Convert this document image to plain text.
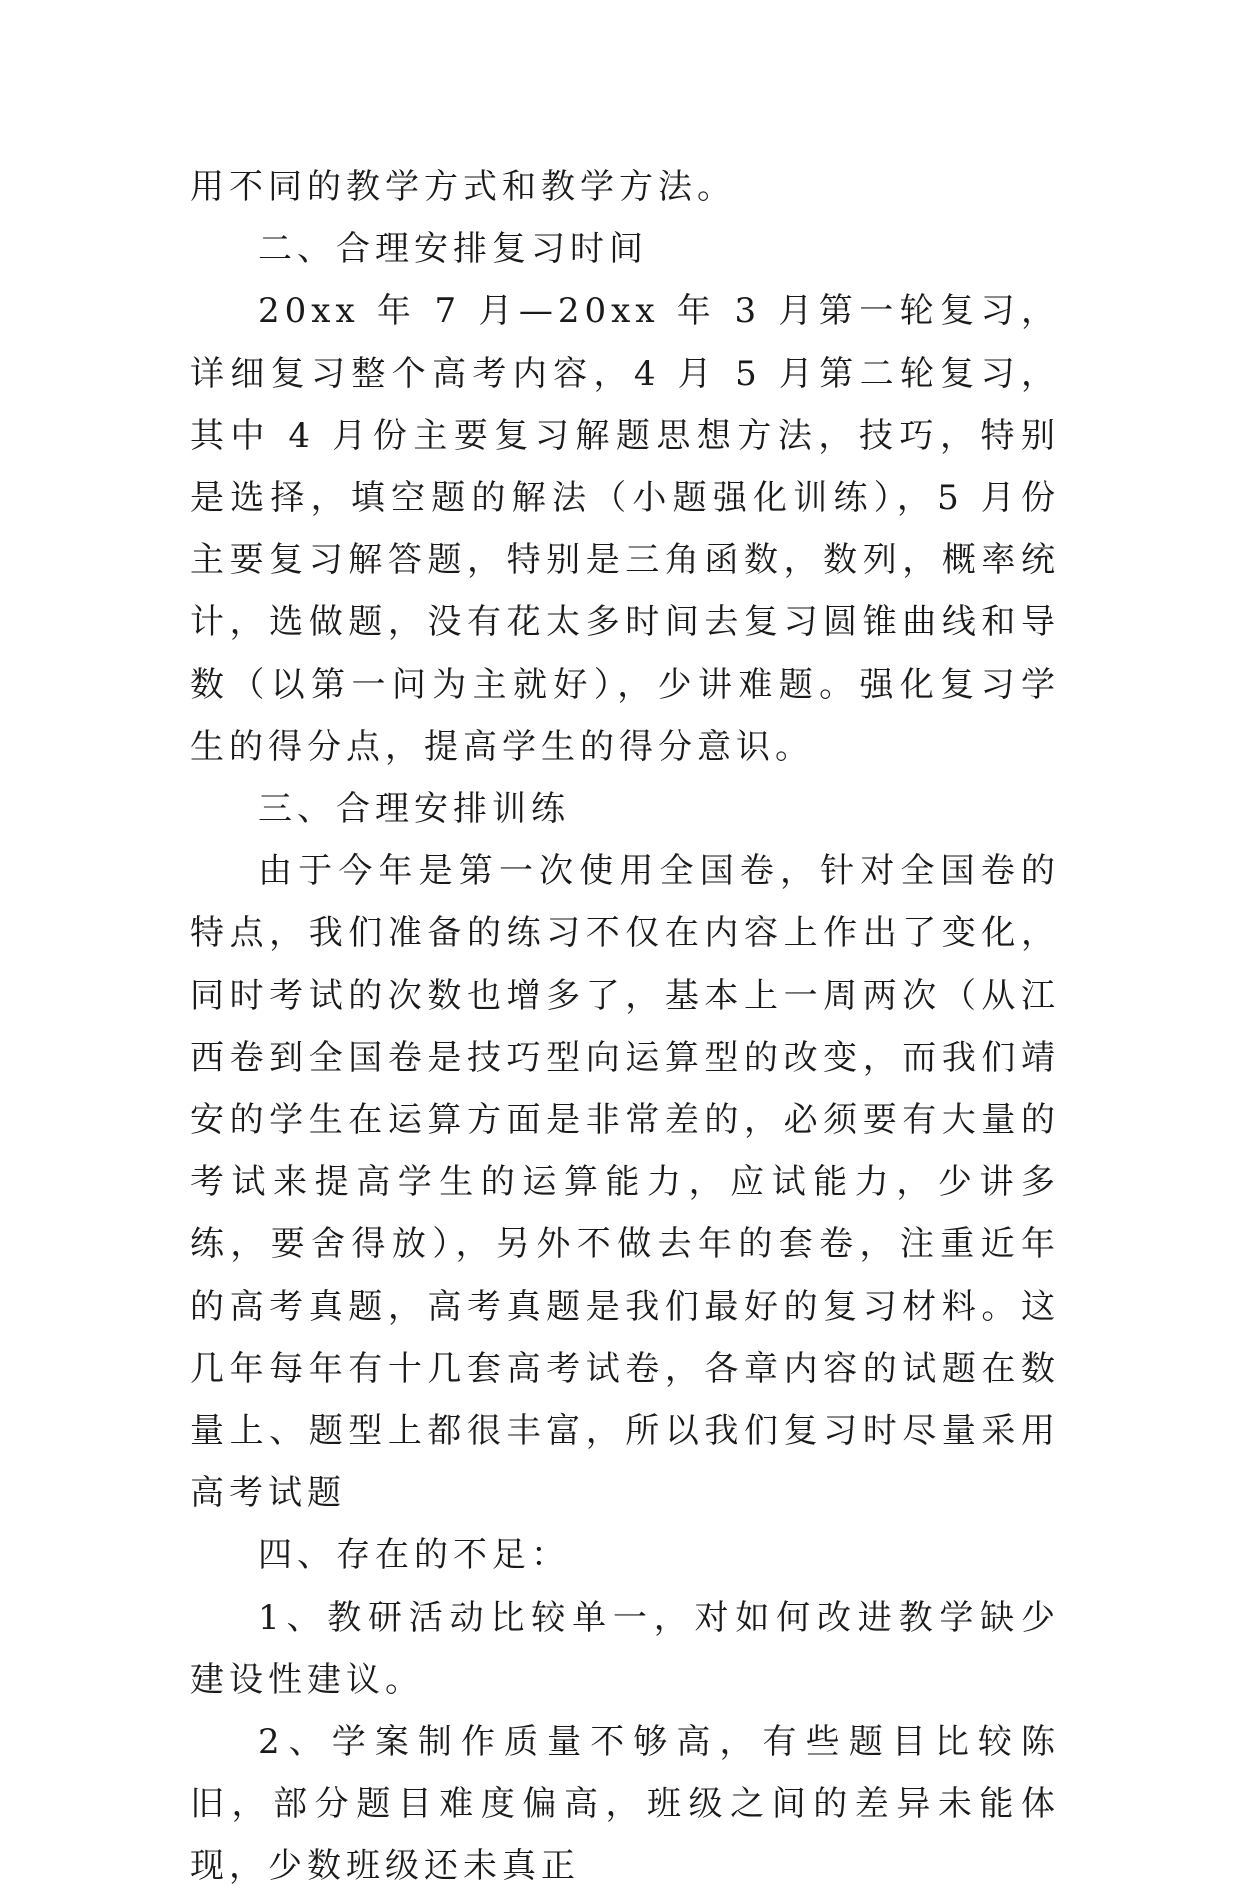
用不同的教学方式和教学方法。

二、合理安排复习时间

20xx 年 7 月—20xx 年 3 月第一轮复习，详细复习整个高考内容，4 月 5 月第二轮复习，其中 4 月份主要复习解题思想方法，技巧，特别是选择，填空题的解法（小题强化训练），5 月份主要复习解答题，特别是三角函数，数列，概率统计，选做题，没有花太多时间去复习圆锥曲线和导数（以第一问为主就好），少讲难题。强化复习学生的得分点，提高学生的得分意识。

三、合理安排训练

由于今年是第一次使用全国卷，针对全国卷的特点，我们准备的练习不仅在内容上作出了变化，同时考试的次数也增多了，基本上一周两次（从江西卷到全国卷是技巧型向运算型的改变，而我们靖安的学生在运算方面是非常差的，必须要有大量的考试来提高学生的运算能力，应试能力，少讲多练，要舍得放），另外不做去年的套卷，注重近年的高考真题，高考真题是我们最好的复习材料。这几年每年有十几套高考试卷，各章内容的试题在数量上、题型上都很丰富，所以我们复习时尽量采用高考试题

四、存在的不足：

1、教研活动比较单一，对如何改进教学缺少建设性建议。

2、学案制作质量不够高，有些题目比较陈旧，部分题目难度偏高，班级之间的差异未能体现，少数班级还未真正
